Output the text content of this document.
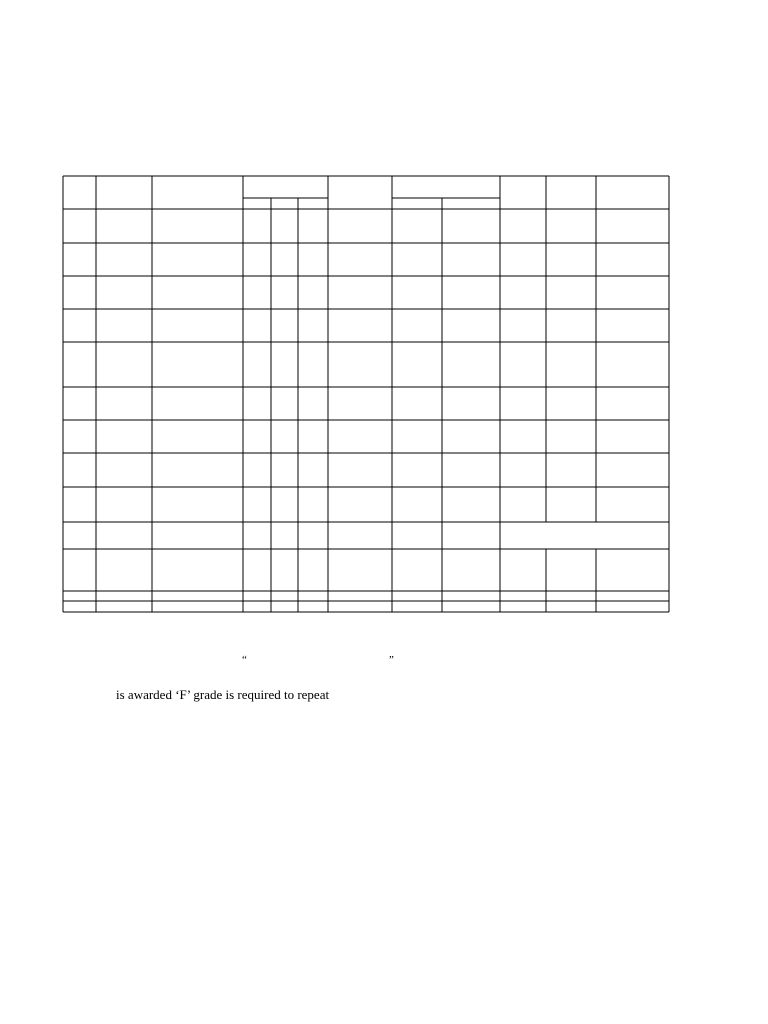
“	”
is awarded ‘F’ grade is required to repeat
